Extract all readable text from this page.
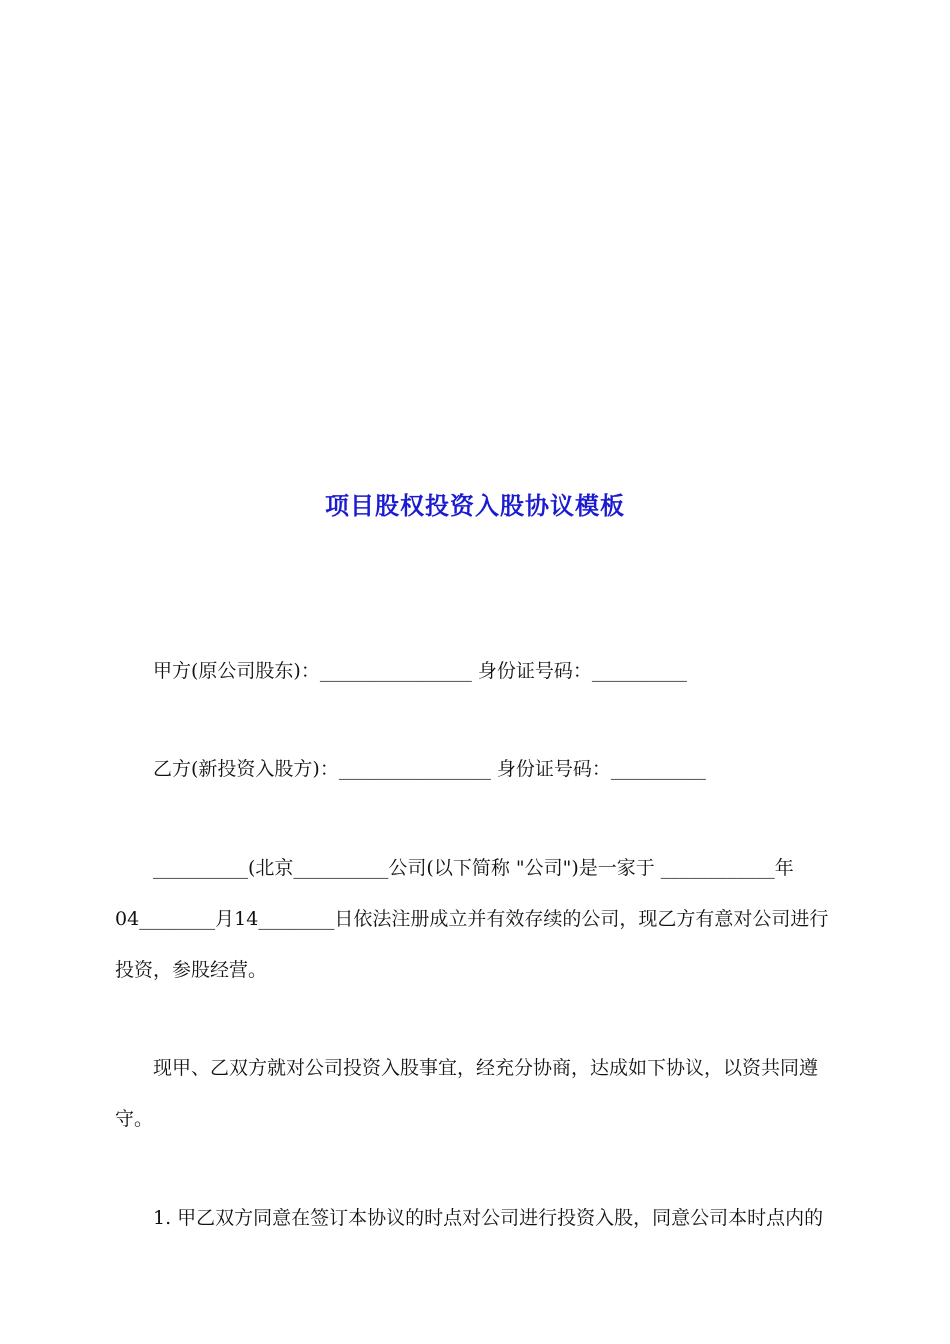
项目股权投资入股协议模板
甲方(原公司股东)：________________ 身份证号码：__________
乙方(新投资入股方)：________________ 身份证号码：__________
__________(北京__________公司(以下简称 "公司")是一家于 ____________年
04________月14________日依法注册成立并有效存续的公司，现乙方有意对公司进行
投资，参股经营。
现甲、乙双方就对公司投资入股事宜，经充分协商，达成如下协议，以资共同遵
守。
1. 甲乙双方同意在签订本协议的时点对公司进行投资入股，同意公司本时点内的
